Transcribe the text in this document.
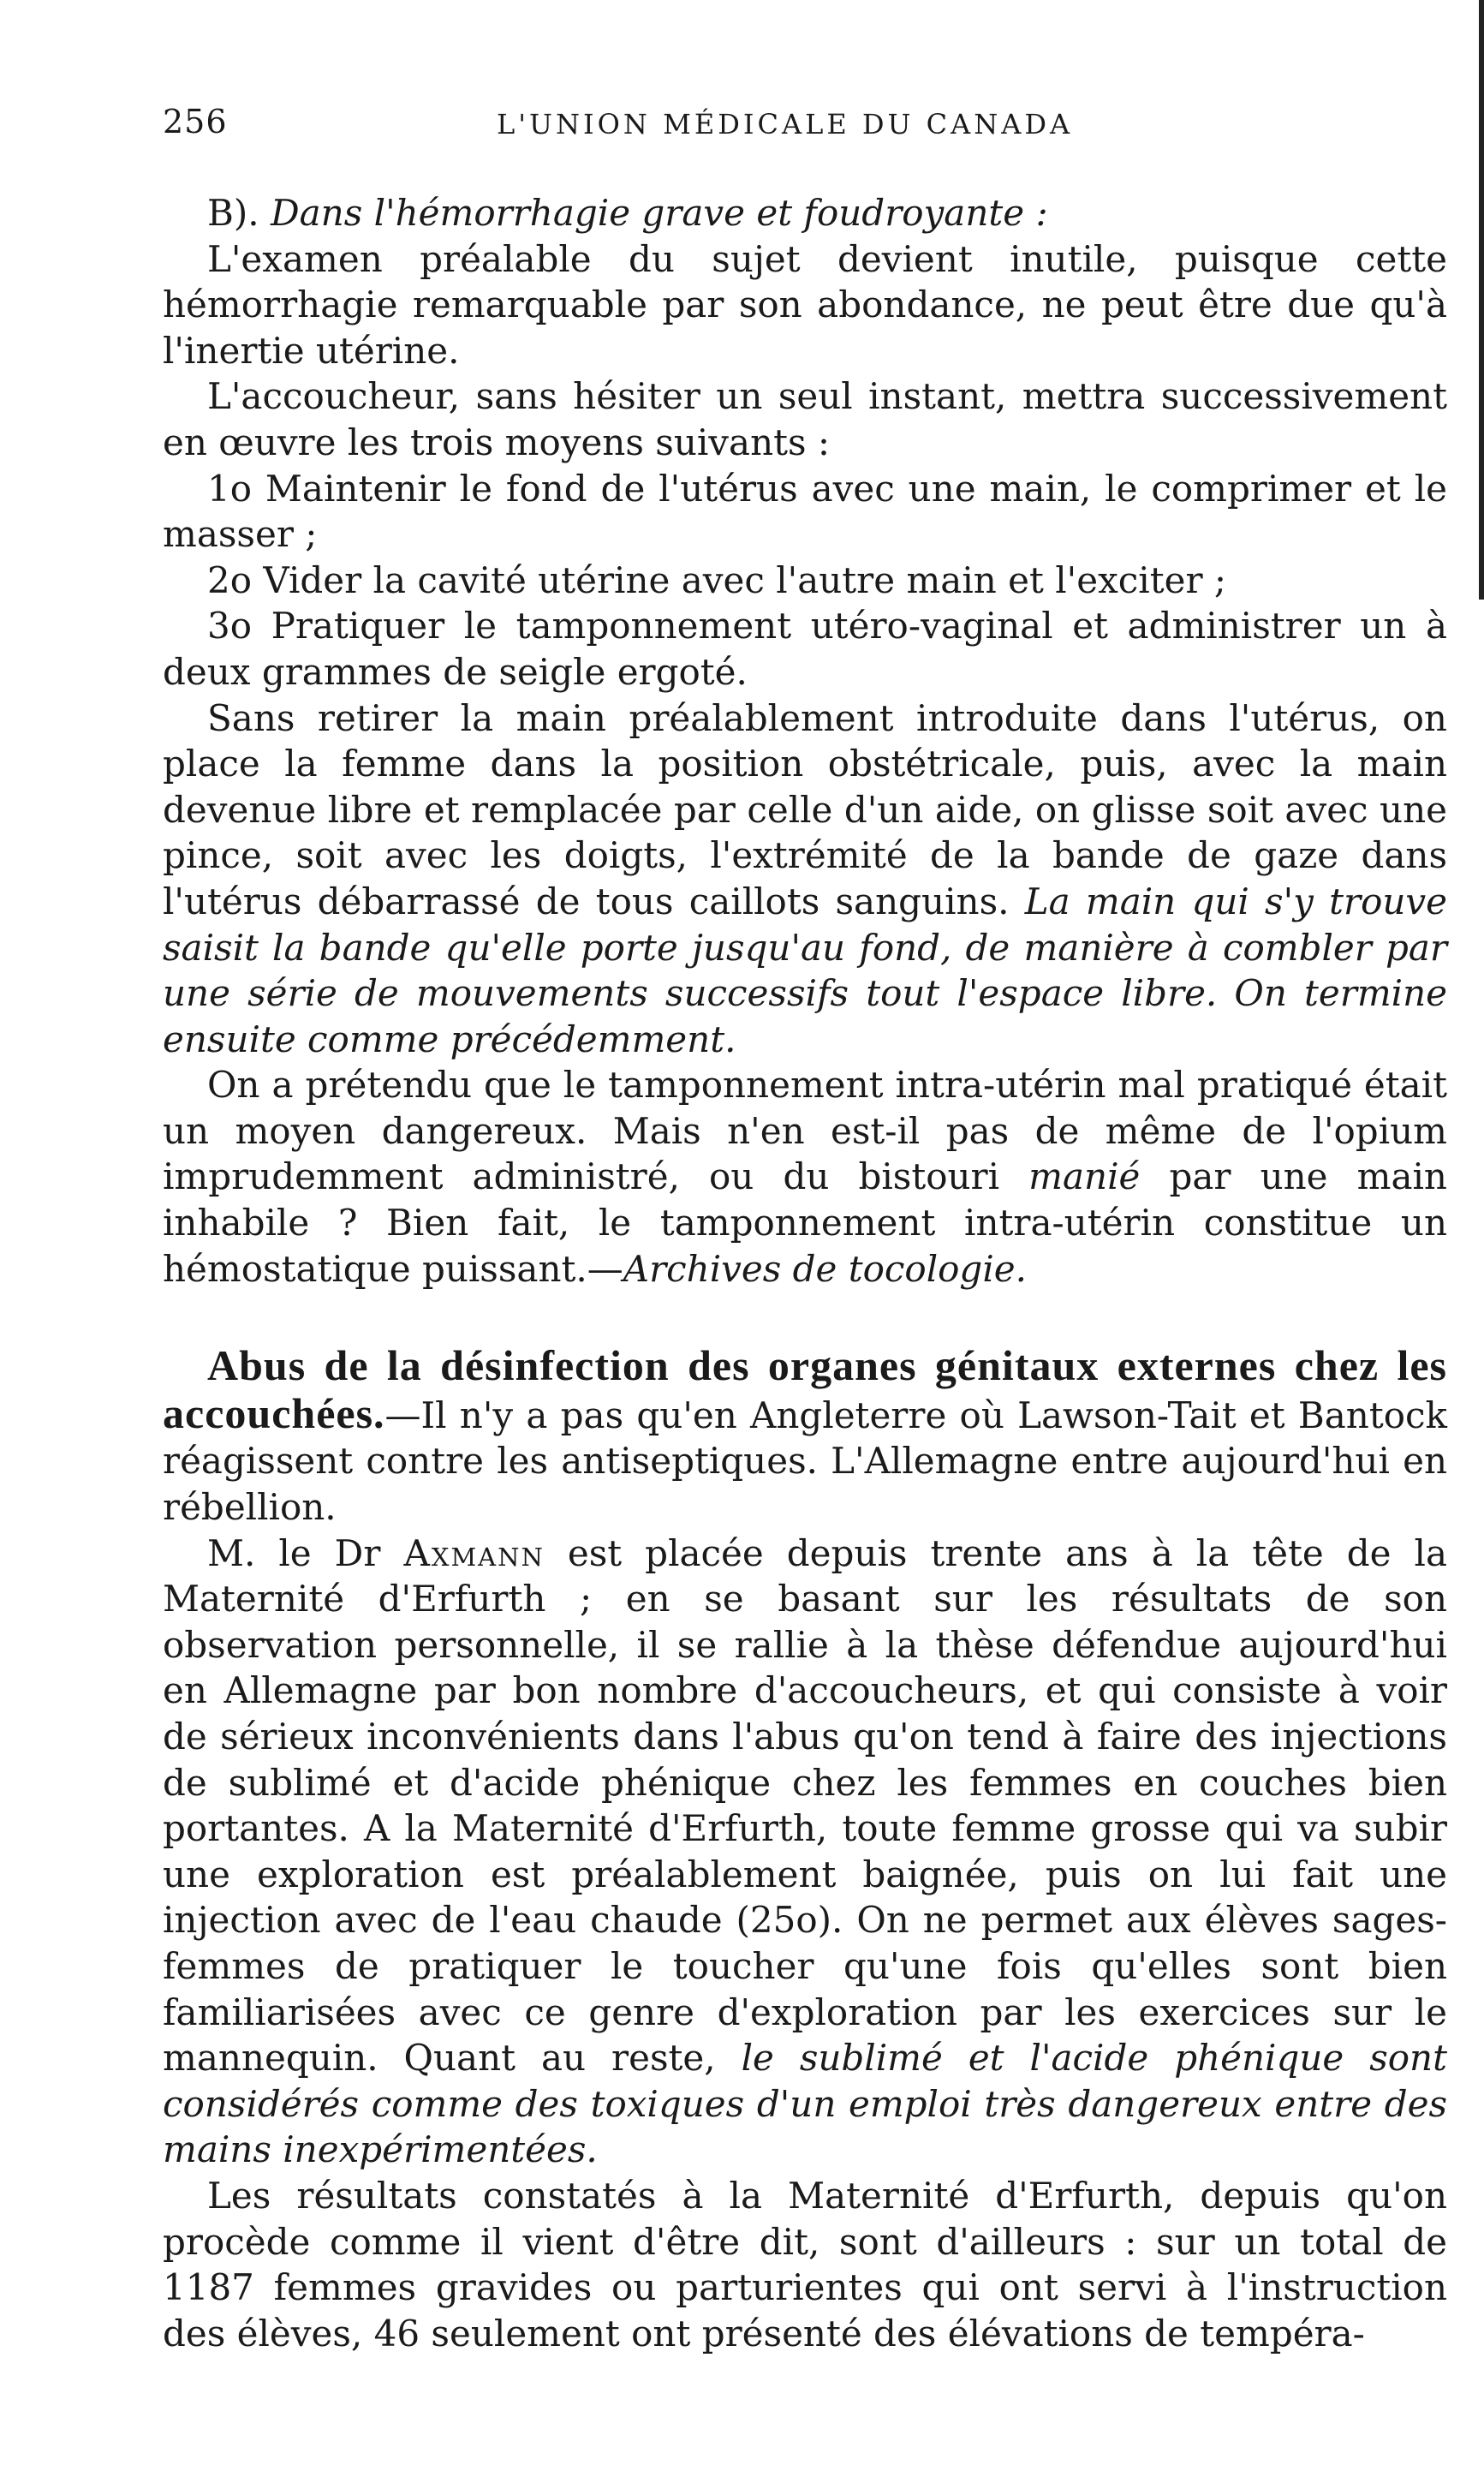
256	L'UNION MÉDICALE DU CANADA

B). Dans l'hémorrhagie grave et foudroyante :

L'examen préalable du sujet devient inutile, puisque cette hémorrhagie remarquable par son abondance, ne peut être due qu'à l'inertie utérine.

L'accoucheur, sans hésiter un seul instant, mettra successivement en œuvre les trois moyens suivants :

1o Maintenir le fond de l'utérus avec une main, le comprimer et le masser ;

2o Vider la cavité utérine avec l'autre main et l'exciter ;

3o Pratiquer le tamponnement utéro-vaginal et administrer un à deux grammes de seigle ergoté.

Sans retirer la main préalablement introduite dans l'utérus, on place la femme dans la position obstétricale, puis, avec la main devenue libre et remplacée par celle d'un aide, on glisse soit avec une pince, soit avec les doigts, l'extrémité de la bande de gaze dans l'utérus débarrassé de tous caillots sanguins. La main qui s'y trouve saisit la bande qu'elle porte jusqu'au fond, de manière à combler par une série de mouvements successifs tout l'espace libre. On termine ensuite comme précédemment.

On a prétendu que le tamponnement intra-utérin mal pratiqué était un moyen dangereux. Mais n'en est-il pas de même de l'opium imprudemment administré, ou du bistouri manié par une main inhabile ? Bien fait, le tamponnement intra-utérin constitue un hémostatique puissant.—Archives de tocologie.

Abus de la désinfection des organes génitaux externes chez les accouchées.—Il n'y a pas qu'en Angleterre où Lawson-Tait et Bantock réagissent contre les antiseptiques. L'Allemagne entre aujourd'hui en rébellion.

M. le Dr Axmann est placée depuis trente ans à la tête de la Maternité d'Erfurth ; en se basant sur les résultats de son observation personnelle, il se rallie à la thèse défendue aujourd'hui en Allemagne par bon nombre d'accoucheurs, et qui consiste à voir de sérieux inconvénients dans l'abus qu'on tend à faire des injections de sublimé et d'acide phénique chez les femmes en couches bien portantes. A la Maternité d'Erfurth, toute femme grosse qui va subir une exploration est préalablement baignée, puis on lui fait une injection avec de l'eau chaude (25o). On ne permet aux élèves sages-femmes de pratiquer le toucher qu'une fois qu'elles sont bien familiarisées avec ce genre d'exploration par les exercices sur le mannequin. Quant au reste, le sublimé et l'acide phénique sont considérés comme des toxiques d'un emploi très dangereux entre des mains inexpérimentées.

Les résultats constatés à la Maternité d'Erfurth, depuis qu'on procède comme il vient d'être dit, sont d'ailleurs : sur un total de 1187 femmes gravides ou parturientes qui ont servi à l'instruction des élèves, 46 seulement ont présenté des élévations de tempéra-
